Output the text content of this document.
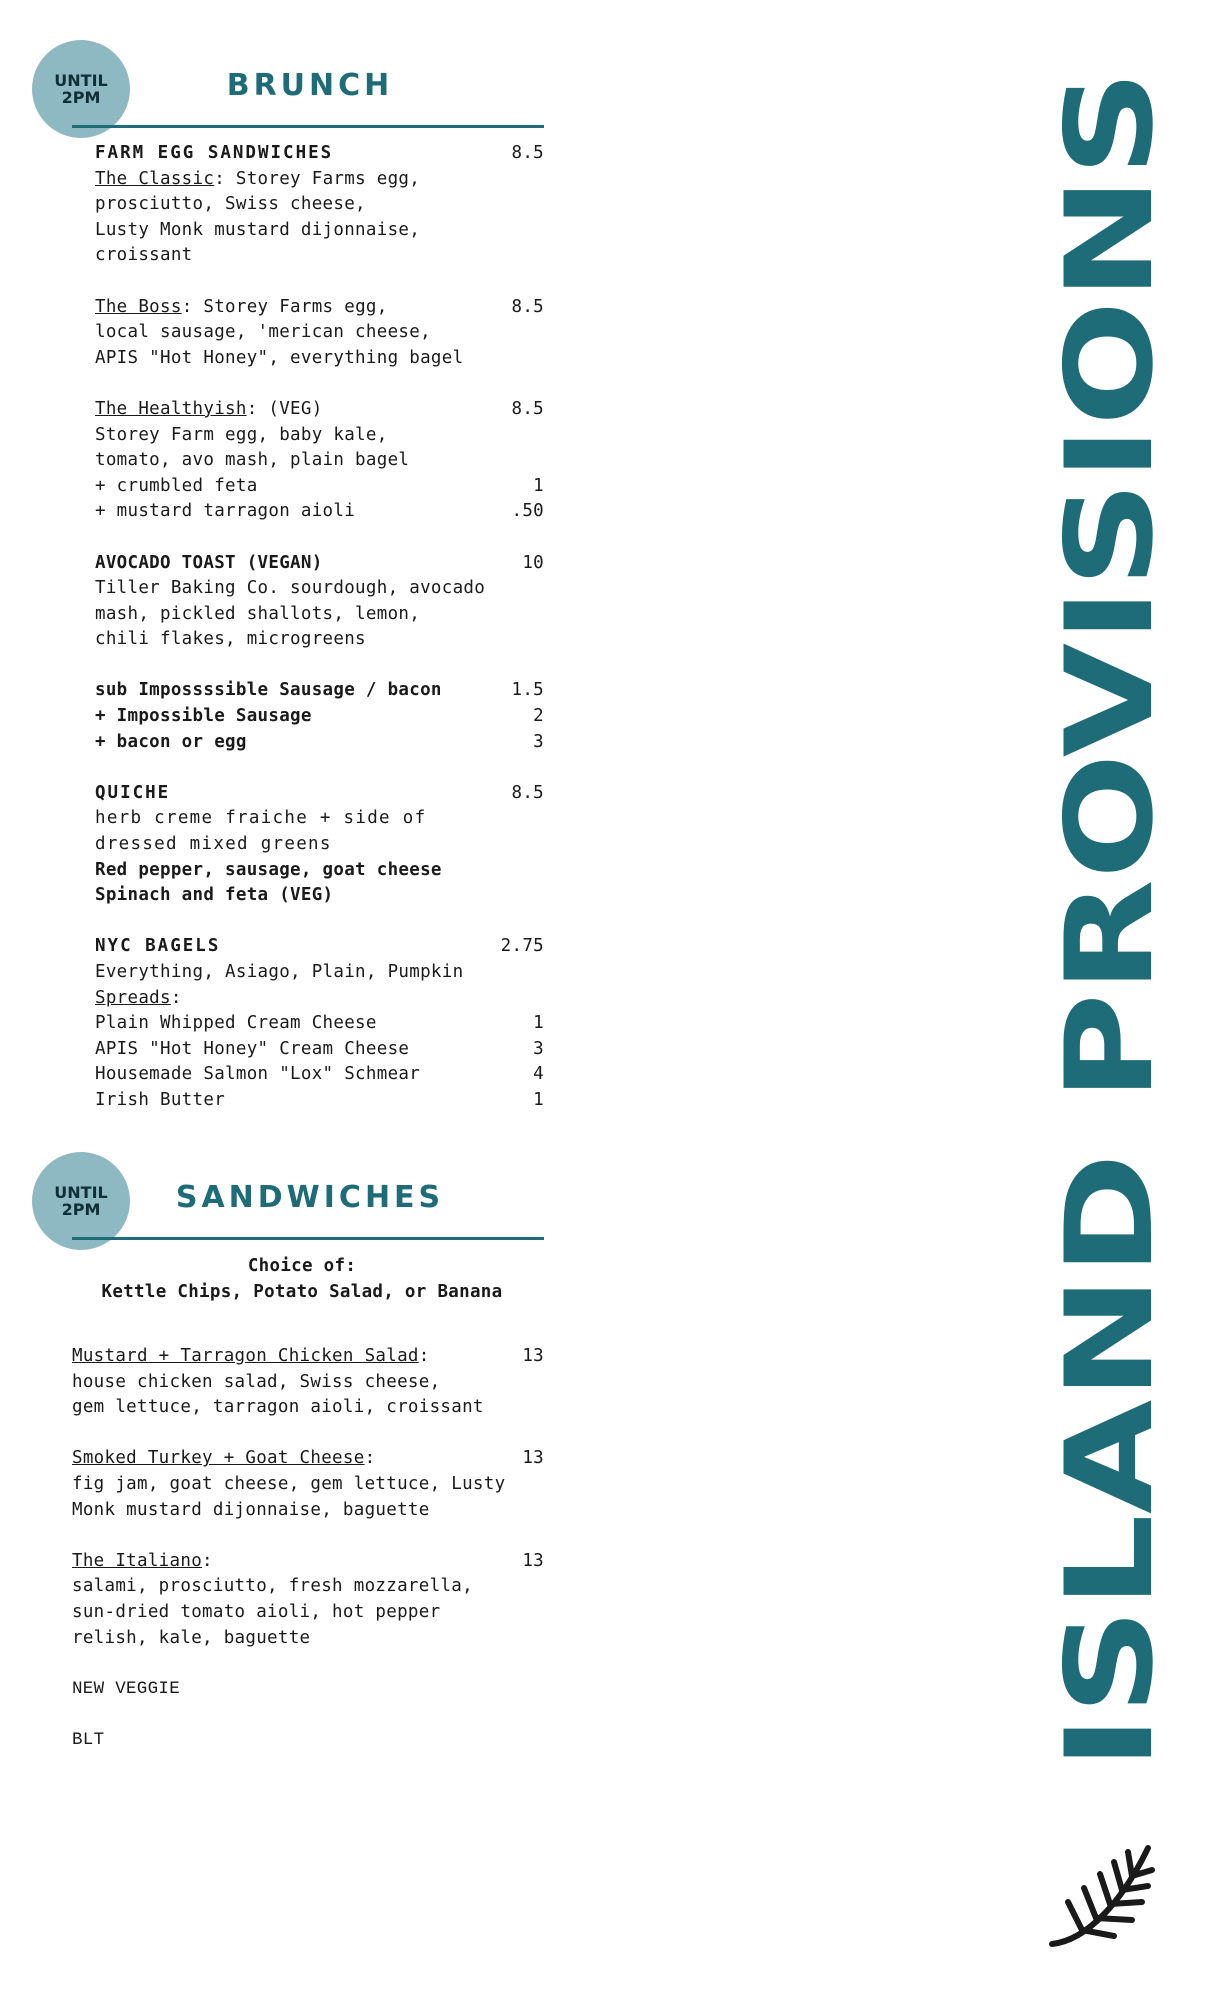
UNTIL
2PM	BRUNCH
FARM EGG SANDWICHES	8.5
The Classic: Storey Farms egg,
prosciutto, Swiss cheese,
Lusty Monk mustard dijonnaise,
croissant
The Boss: Storey Farms egg,	8.5
local sausage, 'merican cheese,
APIS "Hot Honey", everything bagel
The Healthyish: (VEG)	8.5
Storey Farm egg, baby kale,
tomato, avo mash, plain bagel
+ crumbled feta	1
+ mustard tarragon aioli	.50
AVOCADO TOAST (VEGAN)	10
Tiller Baking Co. sourdough, avocado
mash, pickled shallots, lemon,
chili flakes, microgreens
sub Impossssible Sausage / bacon	1.5
+ Impossible Sausage	2
+ bacon or egg	3
QUICHE	8.5
herb creme fraiche + side of
dressed mixed greens
Red pepper, sausage, goat cheese
Spinach and feta (VEG)
NYC BAGELS	2.75
Everything, Asiago, Plain, Pumpkin
Spreads:
Plain Whipped Cream Cheese	1
APIS "Hot Honey" Cream Cheese	3
Housemade Salmon "Lox" Schmear	4
Irish Butter	1
UNTIL
2PM	SANDWICHES
Choice of:
Kettle Chips, Potato Salad, or Banana
Mustard + Tarragon Chicken Salad:	13
house chicken salad, Swiss cheese,
gem lettuce, tarragon aioli, croissant
Smoked Turkey + Goat Cheese:	13
fig jam, goat cheese, gem lettuce, Lusty
Monk mustard dijonnaise, baguette
The Italiano:	13
salami, prosciutto, fresh mozzarella,
sun-dried tomato aioli, hot pepper
relish, kale, baguette
NEW VEGGIE
BLT	ISLAND PROVISIONS
